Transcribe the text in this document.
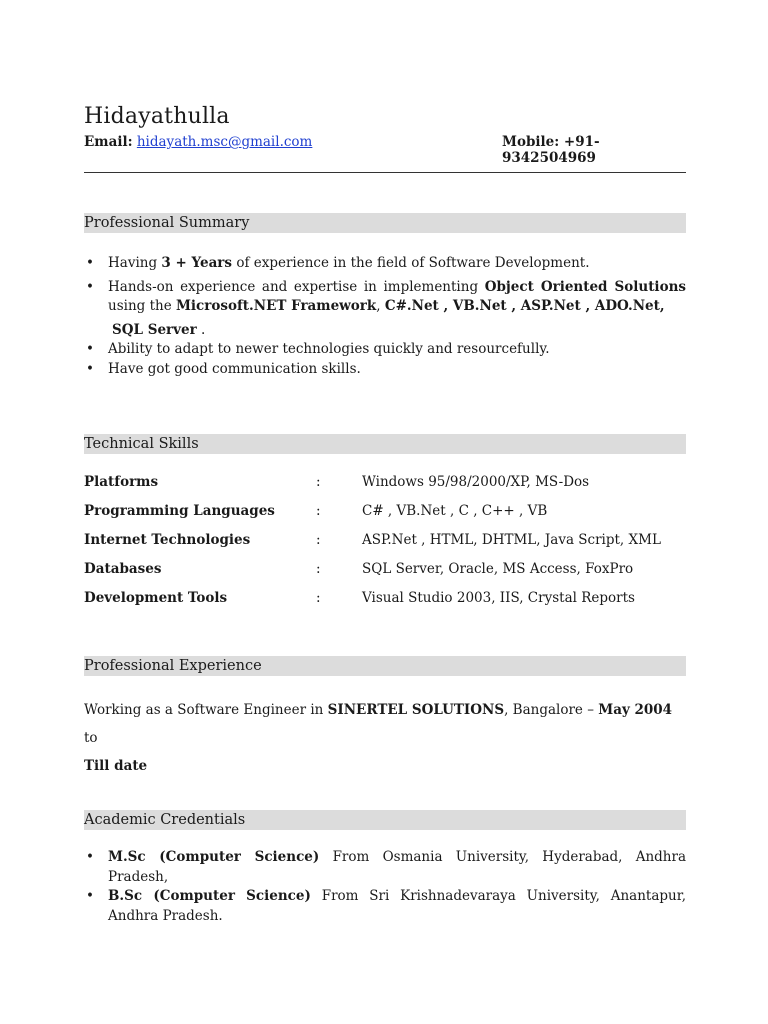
Hidayathulla
Email: hidayath.msc@gmail.com	Mobile: +91-9342504969
Professional Summary
• Having 3 + Years of experience in the field of Software Development.
• Hands-on experience and expertise in implementing Object Oriented Solutions using the Microsoft.NET Framework, C#.Net , VB.Net , ASP.Net , ADO.Net,
SQL Server .
• Ability to adapt to newer technologies quickly and resourcefully.
• Have got good communication skills.
Technical Skills
Platforms	:	Windows 95/98/2000/XP, MS-Dos
Programming Languages	:	C# , VB.Net , C , C++ , VB
Internet Technologies	:	ASP.Net , HTML, DHTML, Java Script, XML
Databases	:	SQL Server, Oracle, MS Access, FoxPro
Development Tools	:	Visual Studio 2003, IIS, Crystal Reports
Professional Experience
Working as a Software Engineer in SINERTEL SOLUTIONS, Bangalore – May 2004 to
Till date
Academic Credentials
• M.Sc (Computer Science) From Osmania University, Hyderabad, Andhra Pradesh,
• B.Sc (Computer Science) From Sri Krishnadevaraya University, Anantapur, Andhra Pradesh.
